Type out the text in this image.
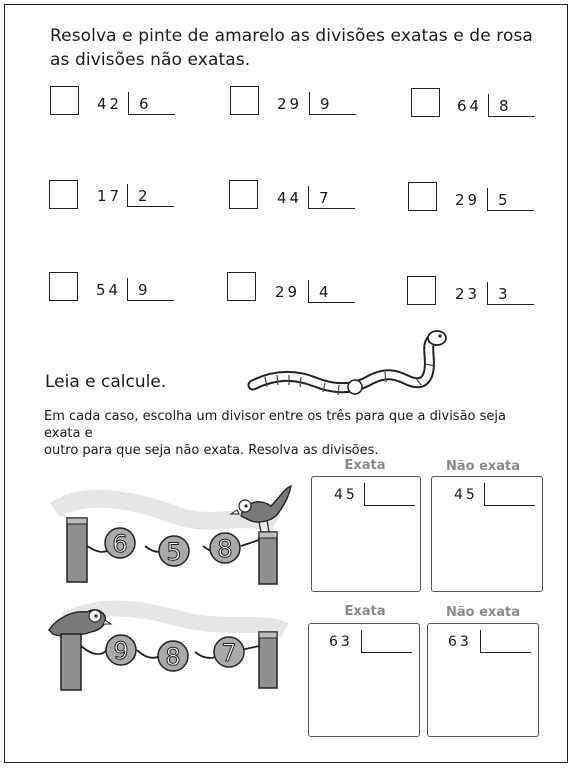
Resolva e pinte de amarelo as divisões exatas e de rosa
as divisões não exatas.
42 6	29 9	64 8
17 2	44 7	29 5
54 9	29 4	23 3
Leia e calcule.
Em cada caso, escolha um divisor entre os três para que a divisão seja exata e
outro para que seja não exata. Resolva as divisões.
6 5 8
9 8 7
Exata	Não exata
45	45
Exata	Não exata
63	63
